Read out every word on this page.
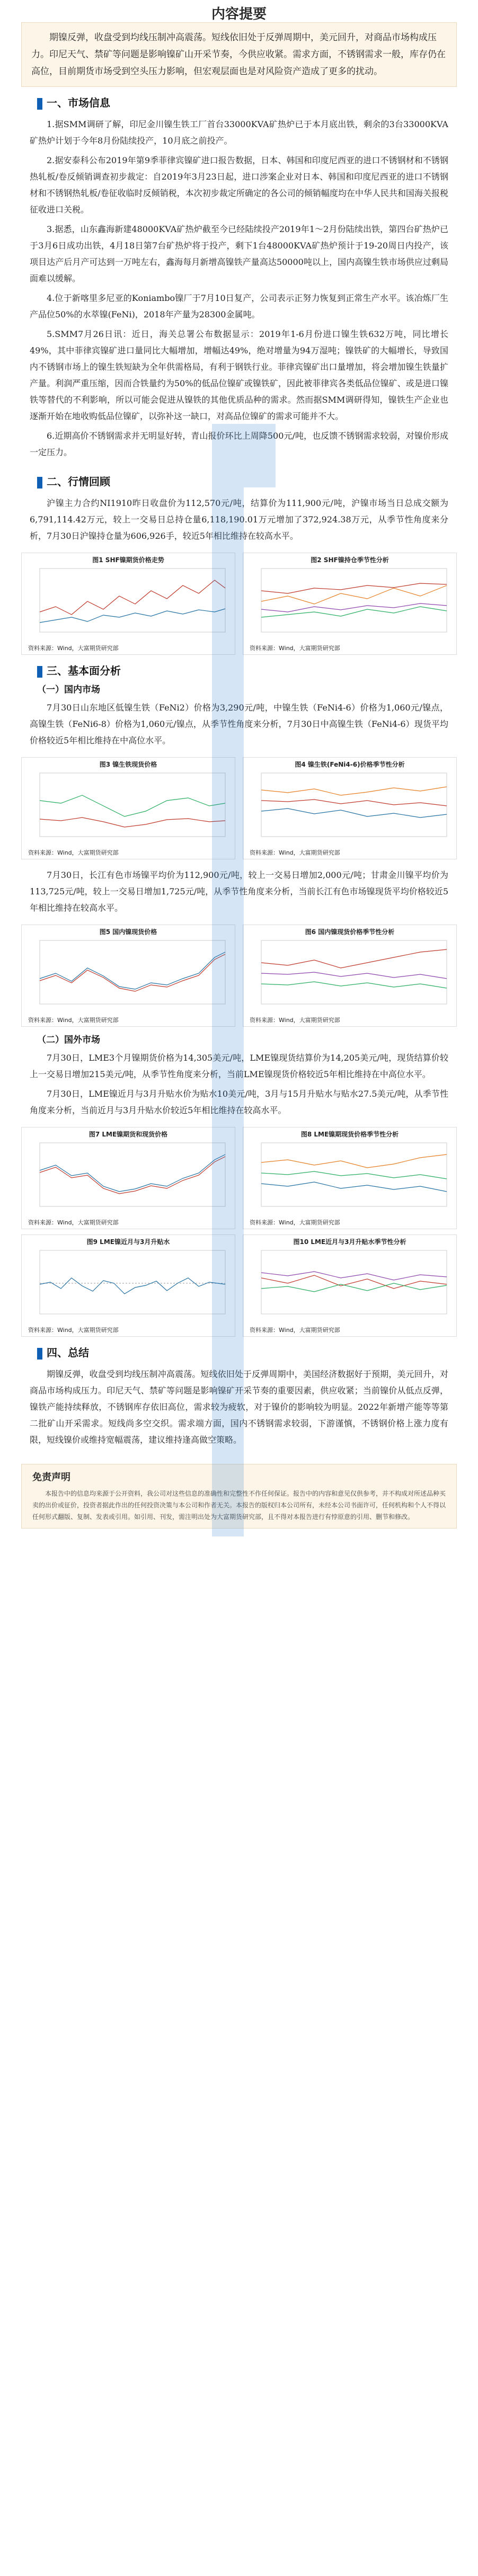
内容提要
期镍反弹，收盘受到均线压制冲高震荡。短线依旧处于反弹周期中，美元回升，对商品市场构成压力。印尼天气、禁矿等问题是影响镍矿山开采节奏，今供应收紧。需求方面，不锈钢需求一般，库存仍在高位，目前期货市场受到空头压力影响，但宏观层面也是对风险资产造成了更多的扰动。
一、市场信息

1.据SMM调研了解，印尼金川镍生铁工厂首台33000KVA矿热炉已于本月底出铁，剩余的3台33000KVA矿热炉计划于今年8月份陆续投产，10月底之前投产。

2.据安泰科公布2019年第9季菲律宾镍矿进口报告数据，日本、韩国和印度尼西亚的进口不锈钢材和不锈钢热轧板/卷反倾销调查初步裁定：自2019年3月23日起，进口涉案企业对日本、韩国和印度尼西亚的进口不锈钢材和不锈钢热轧板/卷征收临时反倾销税，本次初步裁定所确定的各公司的倾销幅度均在中华人民共和国海关报税征收进口关税。

3.据悉，山东鑫海新建48000KVA矿热炉截至今已经陆续投产2019年1～2月份陆续出铁，第四台矿热炉已于3月6日成功出铁，4月18日第7台矿热炉将于投产，剩下1台48000KVA矿热炉预计于19-20周日内投产，该项目达产后月产可达到一万吨左右，鑫海每月新增高镍铁产量高达50000吨以上，国内高镍生铁市场供应过剩局面难以缓解。

4.位于新喀里多尼亚的Koniambo镍厂于7月10日复产，公司表示正努力恢复到正常生产水平。该冶炼厂生产品位50%的水萃镍(FeNi)，2018年产量为28300金属吨。

5.SMM7月26日讯：近日，海关总署公布数据显示：2019年1-6月份进口镍生铁632万吨，同比增长49%，其中菲律宾镍矿进口量同比大幅增加，增幅达49%，绝对增量为94万湿吨；镍铁矿的大幅增长，导致国内不锈钢市场上的镍生铁短缺为全年供需格局，有利于钢铁行业。菲律宾镍矿出口量增加，将会增加镍生铁量扩产量。利润严重压缩，因而合铁量约为50%的低品位镍矿或镍铁矿，因此被菲律宾各类低品位镍矿、或是进口镍铁等替代的不利影响，所以可能会促进从镍铁的其他优质品种的需求。然而据SMM调研得知，镍铁生产企业也逐渐开始在地收购低品位镍矿，以弥补这一缺口，对高品位镍矿的需求可能并不大。

6.近期高价不锈钢需求并无明显好转，青山报价环比上周降500元/吨，也反馈不锈钢需求较弱，对镍价形成一定压力。

二、行情回顾

沪镍主力合约NI1910昨日收盘价为112,570元/吨，结算价为111,900元/吨，沪镍市场当日总成交额为6,791,114.42万元，较上一交易日总持仓量6,118,190.01万元增加了372,924.38万元，从季节性角度来分析，7月30日沪镍持仓量为606,926手，较近5年相比维持在较高水平。

图1 SHF镍期货价格走势
资料来源：Wind，大富期货研究部
图2 SHF镍持仓季节性分析
资料来源：Wind，大富期货研究部
三、基本面分析
（一）国内市场

7月30日山东地区低镍生铁（FeNi2）价格为3,290元/吨，中镍生铁（FeNi4-6）价格为1,060元/镍点，高镍生铁（FeNi6-8）价格为1,060元/镍点，从季节性角度来分析，7月30日中高镍生铁（FeNi4-6）现货平均价格较近5年相比维持在中高位水平。

图3 镍生铁现货价格
资料来源：Wind，大富期货研究部
图4 镍生铁(FeNi4-6)价格季节性分析
资料来源：Wind，大富期货研究部

7月30日，长江有色市场镍平均价为112,900元/吨，较上一交易日增加2,000元/吨；甘肃金川镍平均价为113,725元/吨，较上一交易日增加1,725元/吨，从季节性角度来分析，当前长江有色市场镍现货平均价格较近5年相比维持在较高水平。

图5 国内镍现货价格
资料来源：Wind，大富期货研究部
图6 国内镍现货价格季节性分析
资料来源：Wind，大富期货研究部
（二）国外市场

7月30日，LME3个月镍期货价格为14,305美元/吨，LME镍现货结算价为14,205美元/吨，现货结算价较上一交易日增加215美元/吨，从季节性角度来分析，当前LME镍现货价格较近5年相比维持在中高位水平。

7月30日，LME镍近月与3月升贴水价为贴水10美元/吨，3月与15月升贴水与贴水27.5美元/吨，从季节性角度来分析，当前近月与3月升贴水价较近5年相比维持在较高水平。

图7 LME镍期货和现货价格
资料来源：Wind，大富期货研究部
图8 LME镍期现货价格季节性分析
资料来源：Wind，大富期货研究部
图9 LME镍近月与3月升贴水
资料来源：Wind，大富期货研究部
图10 LME近月与3月升贴水季节性分析
资料来源：Wind，大富期货研究部
四、总结

期镍反弹，收盘受到均线压制冲高震荡。短线依旧处于反弹周期中，美国经济数据好于预期，美元回升，对商品市场构成压力。印尼天气、禁矿等问题是影响镍矿开采节奏的重要因素，供应收紧；当前镍价从低点反弹，镍铁产能持续释放，不锈钢库存依旧高位，需求较为疲软，对于镍价的影响较为明显。2022年新增产能等等第二批矿山开采需求。短线尚多空交织。需求端方面，国内不锈钢需求较弱，下游谨慎，不锈钢价格上涨力度有限，短线镍价或维持宽幅震荡，建议维持逢高做空策略。

免责声明

本报告中的信息均来源于公开资料，我公司对这些信息的准确性和完整性不作任何保证。报告中的内容和意见仅供参考，并不构成对所述品种买卖的出价或征价，投资者据此作出的任何投资决策与本公司和作者无关。本报告的版权归本公司所有，未经本公司书面许可，任何机构和个人不得以任何形式翻版、复制、发表或引用。如引用、刊发，需注明出处为大富期货研究部，且不得对本报告进行有悖原意的引用、删节和修改。
